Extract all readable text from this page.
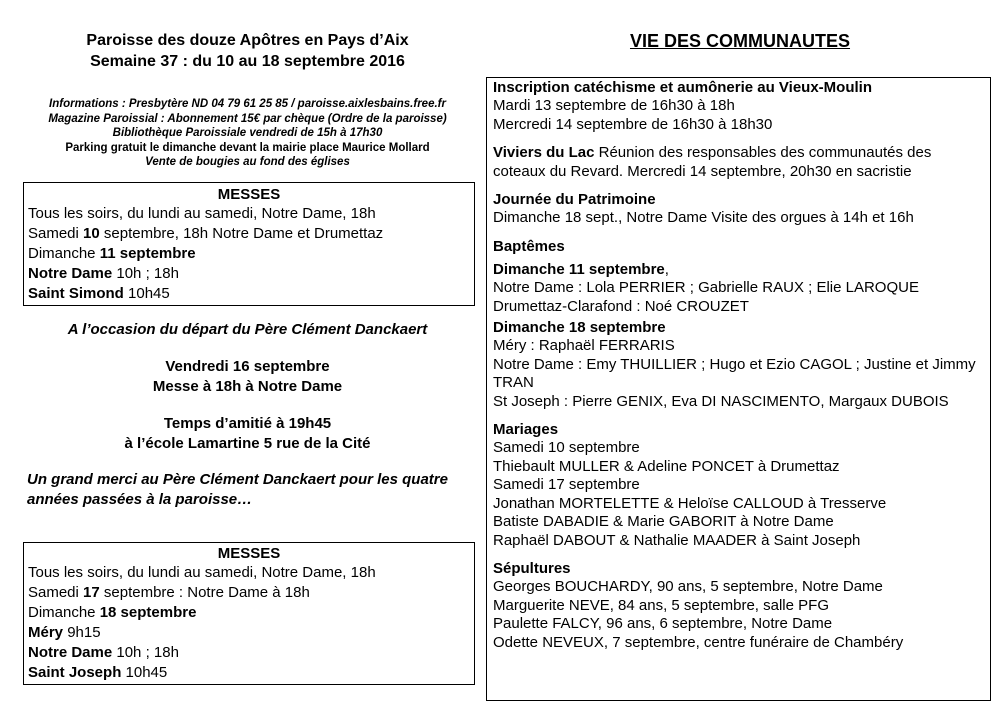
Paroisse des douze Apôtres en Pays d’Aix
Semaine 37 : du 10 au 18 septembre 2016
Informations : Presbytère ND 04 79 61 25 85 / paroisse.aixlesbains.free.fr
Magazine Paroissial : Abonnement 15€ par chèque (Ordre de la paroisse)
Bibliothèque Paroissiale vendredi de 15h à 17h30
Parking gratuit le dimanche devant la mairie place Maurice Mollard
Vente de bougies au fond des églises
MESSES
Tous les soirs, du lundi au samedi, Notre Dame, 18h
Samedi 10 septembre, 18h Notre Dame et Drumettaz
Dimanche 11 septembre
Notre Dame 10h ; 18h
Saint Simond 10h45
A l’occasion du départ du Père Clément Danckaert
Vendredi 16 septembre
Messe à 18h à Notre Dame
Temps d’amitié à 19h45
à l’école Lamartine 5 rue de la Cité
Un grand merci au Père Clément Danckaert pour les quatre années passées à la paroisse…
MESSES
Tous les soirs, du lundi au samedi, Notre Dame, 18h
Samedi 17 septembre : Notre Dame à 18h
Dimanche 18 septembre
Méry 9h15
Notre Dame 10h ; 18h
Saint Joseph 10h45
VIE DES COMMUNAUTES
Inscription catéchisme et aumônerie au Vieux-Moulin
Mardi 13 septembre de 16h30 à 18h
Mercredi 14 septembre de 16h30 à 18h30
Viviers du Lac Réunion des responsables des communautés des coteaux du Revard. Mercredi 14 septembre, 20h30 en sacristie
Journée du Patrimoine
Dimanche 18 sept., Notre Dame Visite des orgues à 14h et 16h
Baptêmes
Dimanche 11 septembre,
Notre Dame : Lola PERRIER ; Gabrielle RAUX ; Elie LAROQUE
Drumettaz-Clarafond : Noé CROUZET
Dimanche 18 septembre
Méry : Raphaël FERRARIS
Notre Dame : Emy THUILLIER ; Hugo et Ezio CAGOL ; Justine et Jimmy TRAN
St Joseph : Pierre GENIX, Eva DI NASCIMENTO, Margaux DUBOIS
Mariages
Samedi 10 septembre
Thiebault MULLER & Adeline PONCET à Drumettaz
Samedi 17 septembre
Jonathan MORTELETTE & Heloïse CALLOUD à Tresserve
Batiste DABADIE & Marie GABORIT à Notre Dame
Raphaël DABOUT & Nathalie MAADER à Saint Joseph
Sépultures
Georges BOUCHARDY, 90 ans, 5 septembre, Notre Dame
Marguerite NEVE, 84 ans, 5 septembre, salle PFG
Paulette FALCY, 96 ans, 6 septembre, Notre Dame
Odette NEVEUX, 7 septembre, centre funéraire de Chambéry
